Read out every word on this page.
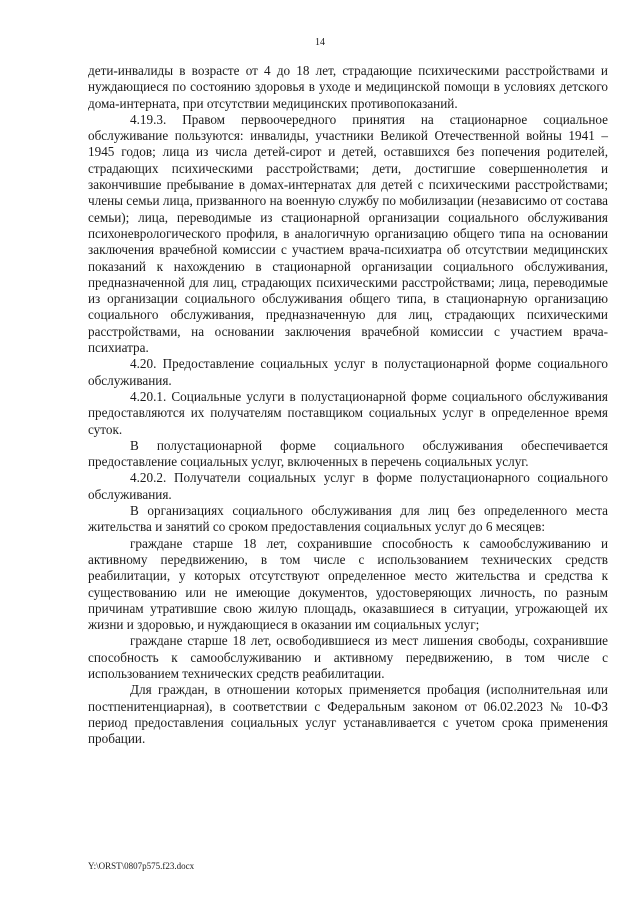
14

дети-инвалиды в возрасте от 4 до 18 лет, страдающие психическими расстройствами и нуждающиеся по состоянию здоровья в уходе и медицинской помощи в условиях детского дома-интерната, при отсутствии медицинских противопоказаний.

4.19.3. Правом первоочередного принятия на стационарное социальное обслуживание пользуются: инвалиды, участники Великой Отечественной войны 1941 – 1945 годов; лица из числа детей-сирот и детей, оставшихся без попечения родителей, страдающих психическими расстройствами; дети, достигшие совершеннолетия и закончившие пребывание в домах-интернатах для детей с психическими расстройствами; члены семьи лица, призванного на военную службу по мобилизации (независимо от состава семьи); лица, переводимые из стационарной организации социального обслуживания психоневрологического профиля, в аналогичную организацию общего типа на основании заключения врачебной комиссии с участием врача-психиатра об отсутствии медицинских показаний к нахождению в стационарной организации социального обслуживания, предназначенной для лиц, страдающих психическими расстройствами; лица, переводимые из организации социального обслуживания общего типа, в стационарную организацию социального обслуживания, предназначенную для лиц, страдающих психическими расстройствами, на основании заключения врачебной комиссии с участием врача-психиатра.

4.20. Предоставление социальных услуг в полустационарной форме социального обслуживания.

4.20.1. Социальные услуги в полустационарной форме социального обслуживания предоставляются их получателям поставщиком социальных услуг в определенное время суток.

В полустационарной форме социального обслуживания обеспечивается предоставление социальных услуг, включенных в перечень социальных услуг.

4.20.2. Получатели социальных услуг в форме полустационарного социального обслуживания.

В организациях социального обслуживания для лиц без определенного места жительства и занятий со сроком предоставления социальных услуг до 6 месяцев:

граждане старше 18 лет, сохранившие способность к самообслуживанию и активному передвижению, в том числе с использованием технических средств реабилитации, у которых отсутствуют определенное место жительства и средства к существованию или не имеющие документов, удостоверяющих личность, по разным причинам утратившие свою жилую площадь, оказавшиеся в ситуации, угрожающей их жизни и здоровью, и нуждающиеся в оказании им социальных услуг;

граждане старше 18 лет, освободившиеся из мест лишения свободы, сохранившие способность к самообслуживанию и активному передвижению, в том числе с использованием технических средств реабилитации.

Для граждан, в отношении которых применяется пробация (исполнительная или постпенитенциарная), в соответствии с Федеральным законом от 06.02.2023 № 10-ФЗ период предоставления социальных услуг устанавливается с учетом срока применения пробации.

Y:\ORST\0807p575.f23.docx
